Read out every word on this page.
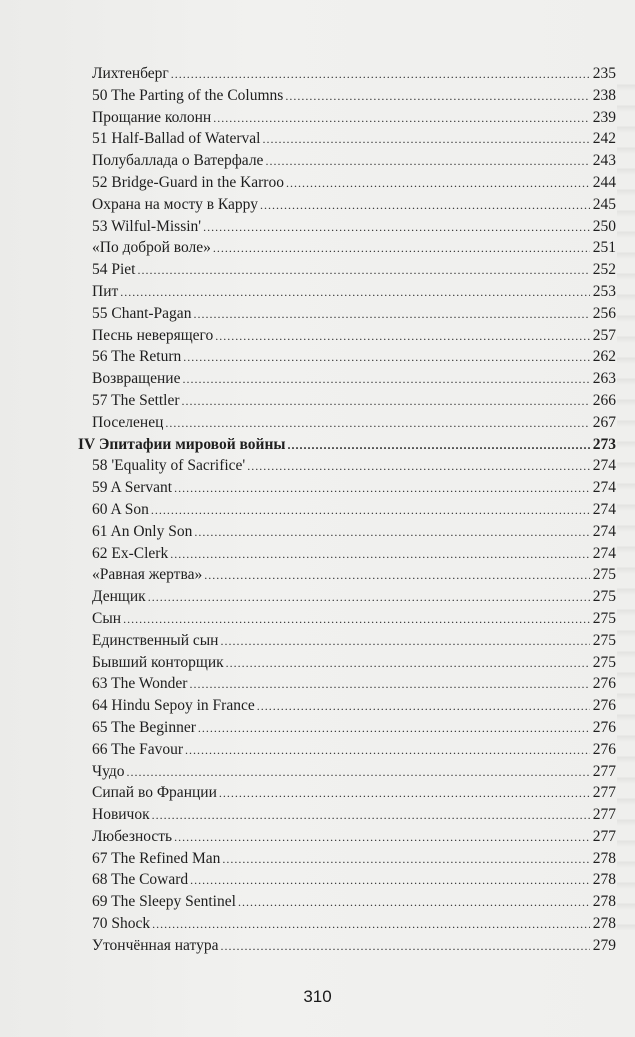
Лихтенберг .....	235
50 The Parting of the Columns .....	238
Прощание колонн .....	239
51 Half-Ballad of Waterval .....	242
Полубаллада о Ватерфале .....	243
52 Bridge-Guard in the Karroo .....	244
Охрана на мосту в Карру .....	245
53 Wilful-Missin' .....	250
«По доброй воле» .....	251
54 Piet .....	252
Пит .....	253
55 Chant-Pagan .....	256
Песнь неверящего .....	257
56 The Return .....	262
Возвращение .....	263
57 The Settler .....	266
Поселенец .....	267
IV Эпитафии мировой войны .....	273
58 'Equality of Sacrifice' .....	274
59 A Servant .....	274
60 A Son .....	274
61 An Only Son .....	274
62 Ex-Clerk .....	274
«Равная жертва» .....	275
Денщик .....	275
Сын .....	275
Единственный сын .....	275
Бывший конторщик .....	275
63 The Wonder .....	276
64 Hindu Sepoy in France .....	276
65 The Beginner .....	276
66 The Favour .....	276
Чудо .....	277
Сипай во Франции .....	277
Новичок .....	277
Любезность .....	277
67 The Refined Man .....	278
68 The Coward .....	278
69 The Sleepy Sentinel .....	278
70 Shock .....	278
Утончённая натура .....	279
310
